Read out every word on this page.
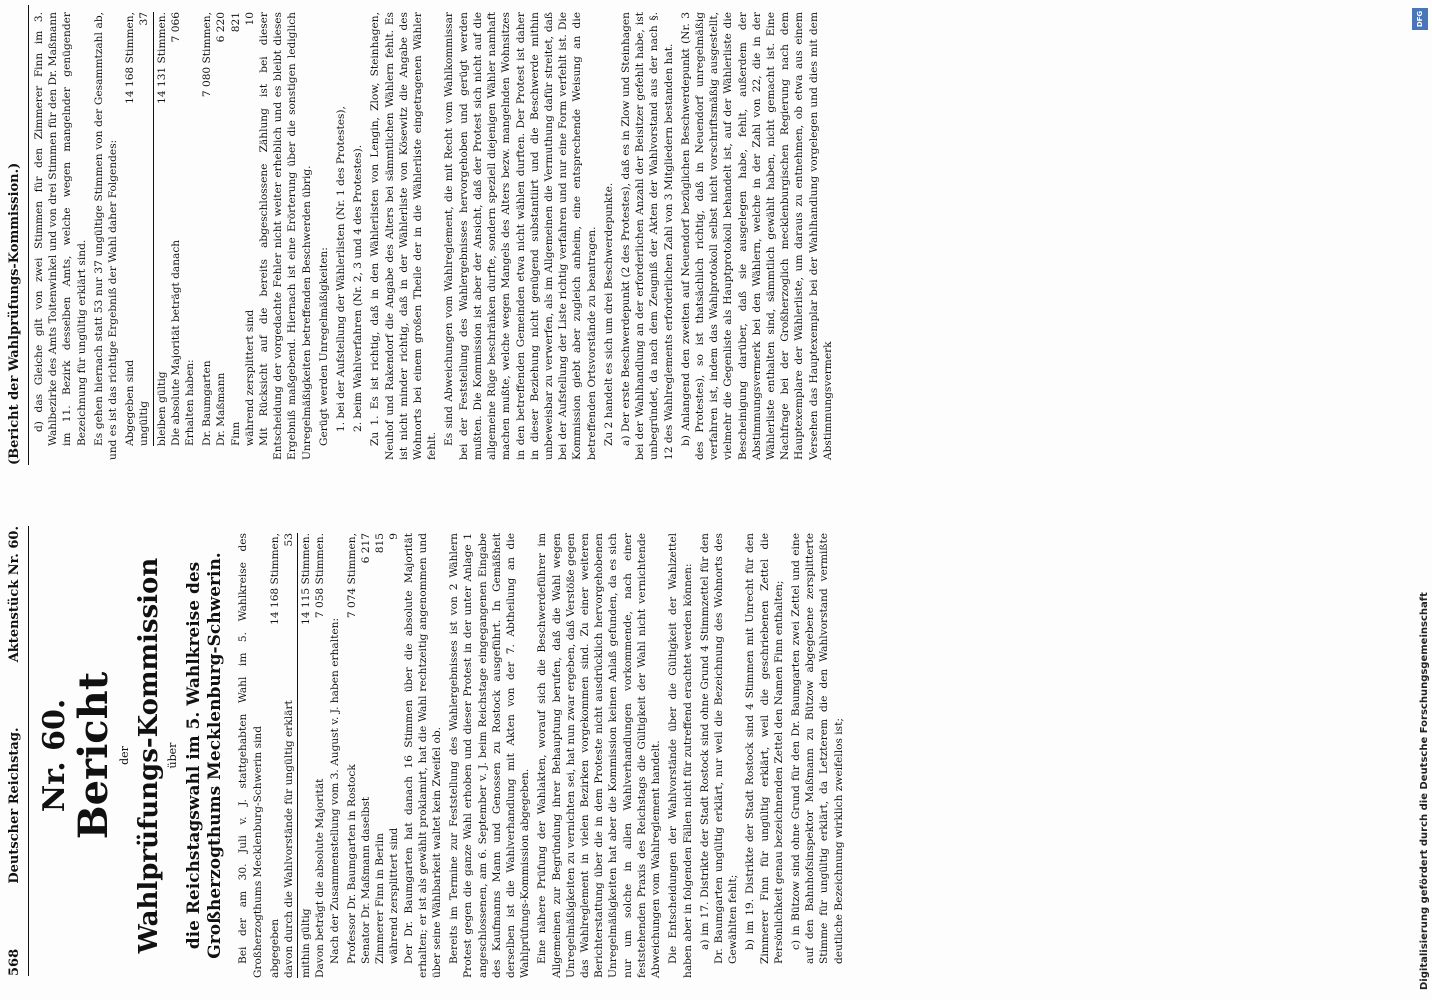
568
Deutscher Reichstag.
Aktenstück Nr. 60.
(Bericht der Wahlprüfungs-Kommission.)
Nr. 60.
Bericht der Wahlprüfungs-Kommission über die Reichstagswahl im 5. Wahlkreise des Großherzogthums Mecklenburg-Schwerin. Bei der am 30. Juli v. J. stattgehabten Wahl im 5. Wahlkreise des Großherzogthums Mecklenburg-Schwerin sind abgegeben
14 168 Stimmen,
davon durch die Wahlvorstände für ungültig erklärt
53
mithin gültig
14 115 Stimmen.
Davon beträgt die absolute Majorität
7 058 Stimmen.

Nach der Zusammenstellung vom 3. August v. J. haben erhalten: Professor Dr. Baumgarten in Rostock
7 074 Stimmen,
Senator Dr. Maßmann daselbst
6 217
Zimmerer Finn in Berlin
815
während zersplittert sind
9 Der Dr. Baumgarten hat danach 16 Stimmen über die absolute Majorität erhalten; er ist als gewählt proklamirt, hat die Wahl rechtzeitig angenommen und über seine Wählbarkeit waltet kein Zweifel ob. Bereits im Termine zur Feststellung des Wahlergebnisses ist von 2 Wählern Protest gegen die ganze Wahl erhoben und dieser Protest in der unter Anlage 1 angeschlossenen, am 6. September v. J. beim Reichstage eingegangenen Eingabe des Kaufmanns Mann und Genossen zu Rostock ausgeführt. In Gemäßheit derselben ist die Wahlverhandlung mit Akten von der 7. Abtheilung an die Wahlprüfungs-Kommission abgegeben. Eine nähere Prüfung der Wahlakten, worauf sich die Beschwerdeführer im Allgemeinen zur Begründung ihrer Behauptung berufen, daß die Wahl wegen Unregelmäßigkeiten zu vernichten sei, hat nun zwar ergeben, daß Verstöße gegen das Wahlreglement in vielen Bezirken vorgekommen sind. Zu einer weiteren Berichterstattung über die in dem Proteste nicht ausdrücklich hervorgehobenen Unregelmäßigkeiten hat aber die Kommission keinen Anlaß gefunden, da es sich nur um solche in allen Wahlverhandlungen vorkommende, nach einer feststehenden Praxis des Reichstags die Gültigkeit der Wahl nicht vernichtende Abweichungen vom Wahlreglement handelt. Die Entscheidungen der Wahlvorstände über die Gültigkeit der Wahlzettel haben aber in folgenden Fällen nicht für zutreffend erachtet werden können: a) im 17. Distrikte der Stadt Rostock sind ohne Grund 4 Stimmzettel für den Dr. Baumgarten ungültig erklärt, nur weil die Bezeichnung des Wohnorts des Gewählten fehlt; b) im 19. Distrikte der Stadt Rostock sind 4 Stimmen mit Unrecht für den Zimmerer Finn für ungültig erklärt, weil die geschriebenen Zettel die Persönlichkeit genau bezeichnenden Zettel den Namen Finn enthalten; c) in Bützow sind ohne Grund für den Dr. Baumgarten zwei Zettel und eine auf den Bahnhofsinspektor Maßmann zu Bützow abgegebene zersplitterte Stimme für ungültig erklärt, da Letzterem die den Wahlvorstand vermißte deutliche Bezeichnung wirklich zweifellos ist;

d) das Gleiche gilt von zwei Stimmen für den Zimmerer Finn im 3. Wahlbezirke des Amts Toitenwinkel und von drei Stimmen für den Dr. Maßmann im 11. Bezirk desselben Amts, welche wegen mangelnder genügender Bezeichnung für ungültig erklärt sind. Es gehen hiernach statt 53 nur 37 ungültige Stimmen von der Gesammtzahl ab, und es ist das richtige Ergebniß der Wahl daher Folgendes: Abgegeben sind
14 168 Stimmen,
ungültig
37
bleiben gültig
14 131 Stimmen.
Die absolute Majorität beträgt danach
7 066

Erhalten haben: Dr. Baumgarten
7 080 Stimmen,
Dr. Maßmann
6 220
Finn
821
während zersplittert sind
10 Mit Rücksicht auf die bereits abgeschlossene Zählung ist bei dieser Entscheidung der vorgedachte Fehler nicht weiter erheblich und es bleibt dieses Ergebniß maßgebend. Hiernach ist eine Erörterung über die sonstigen lediglich Unregelmäßigkeiten betreffenden Beschwerden übrig. Gerügt werden Unregelmäßigkeiten: 1. bei der Aufstellung der Wählerlisten (Nr. 1 des Protestes), 2. beim Wahlverfahren (Nr. 2, 3 und 4 des Protestes). Zu 1. Es ist richtig, daß in den Wählerlisten von Lengin, Zlow, Steinhagen, Neuhof und Rakendorf die Angabe des Alters bei sämmtlichen Wählern fehlt. Es ist nicht minder richtig, daß in der Wählerliste von Kösewitz die Angabe des Wohnorts bei einem großen Theile der in die Wählerliste eingetragenen Wähler fehlt. Es sind Abweichungen vom Wahlreglement, die mit Recht vom Wahlkommissar bei der Feststellung des Wahlergebnisses hervorgehoben und gerügt werden mußten. Die Kommission ist aber der Ansicht, daß der Protest sich nicht auf die allgemeine Rüge beschränken durfte, sondern speziell diejenigen Wähler namhaft machen mußte, welche wegen Mangels des Alters bezw. mangelnden Wohnsitzes in den betreffenden Gemeinden etwa nicht wählen durften. Der Protest ist daher in dieser Beziehung nicht genügend substantiirt und die Beschwerde mithin unbeweisbar zu verwerfen, als im Allgemeinen die Vermuthung dafür streitet, daß bei der Aufstellung der Liste richtig verfahren und nur eine Form verfehlt ist. Die Kommission giebt aber zugleich anheim, eine entsprechende Weisung an die betreffenden Ortsvorstände zu beantragen. Zu 2 handelt es sich um drei Beschwerdepunkte. a) Der erste Beschwerdepunkt (2 des Protestes), daß es in Zlow und Steinhagen bei der Wahlhandlung an der erforderlichen Anzahl der Beisitzer gefehlt habe, ist unbegründet, da nach dem Zeugniß der Akten der Wahlvorstand aus der nach §. 12 des Wahlreglements erforderlichen Zahl von 3 Mitgliedern bestanden hat. b) Anlangend den zweiten auf Neuendorf bezüglichen Beschwerdepunkt (Nr. 3 des Protestes), so ist thatsächlich richtig, daß in Neuendorf unregelmäßig verfahren ist, indem das Wahlprotokoll selbst nicht vorschriftsmäßig ausgestellt, vielmehr die Gegenliste als Hauptprotokoll behandelt ist, auf der Wählerliste die Bescheinigung darüber, daß sie ausgelegen habe, fehlt, außerdem der Abstimmungsvermerk bei den Wählern, welche in der Zahl von 22, die in der Wählerliste enthalten sind, sämmtlich gewählt haben, nicht gemacht ist. Eine Nachfrage bei der Großherzoglich mecklenburgischen Regierung nach dem Hauptexemplare der Wählerliste, um daraus zu entnehmen, ob etwa aus einem Versehen das Hauptexemplar bei der Wahlhandlung vorgelegen und dies mit dem Abstimmungsvermerk

DFG
Digitalisierung gefördert durch die Deutsche Forschungsgemeinschaft
